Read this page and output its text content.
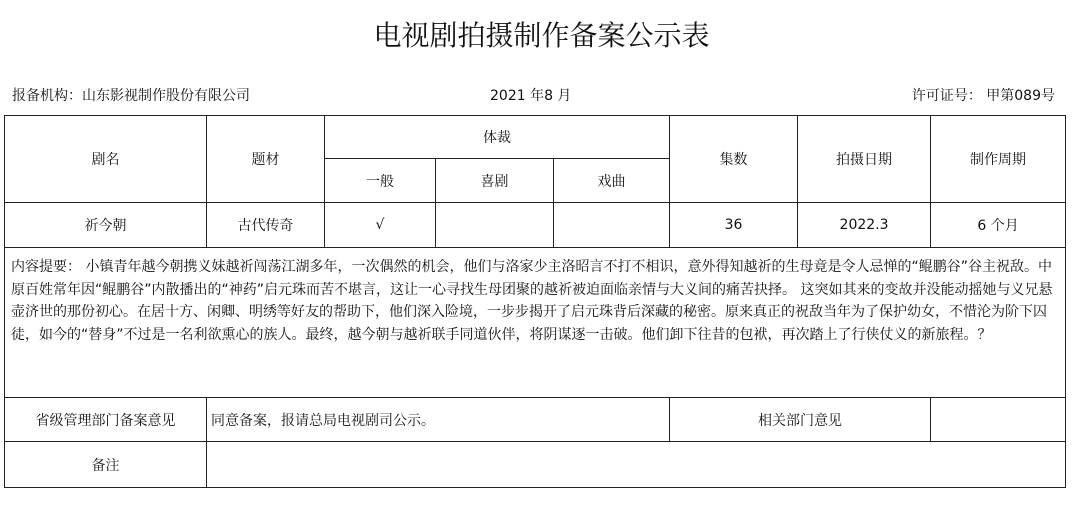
电视剧拍摄制作备案公示表
报备机构：山东影视制作股份有限公司	2021 年8 月	许可证号： 甲第089号
剧名	题材	体裁			集数	拍摄日期	制作周期
		一般	喜剧	戏曲			
祈今朝	古代传奇	√			36	2022.3	6 个月
内容提要： 小镇青年越今朝携义妹越祈闯荡江湖多年，一次偶然的机会，他们与洛家少主洛昭言不打不相识，意外得知越祈的生母竟是令人忌惮的“鲲鹏谷”谷主祝敌。中原百姓常年因“鲲鹏谷”内散播出的“神药”启元珠而苦不堪言，这让一心寻找生母团聚的越祈被迫面临亲情与大义间的痛苦抉择。 这突如其来的变故并没能动摇她与义兄悬壶济世的那份初心。在居十方、闲卿、明绣等好友的帮助下，他们深入险境，一步步揭开了启元珠背后深藏的秘密。原来真正的祝敌当年为了保护幼女，不惜沦为阶下囚徒，如今的“替身”不过是一名利欲熏心的族人。最终，越今朝与越祈联手同道伙伴，将阴谋逐一击破。他们卸下往昔的包袱，再次踏上了行侠仗义的新旅程。？							
省级管理部门备案意见	同意备案，报请总局电视剧司公示。				相关部门意见		
备注							
